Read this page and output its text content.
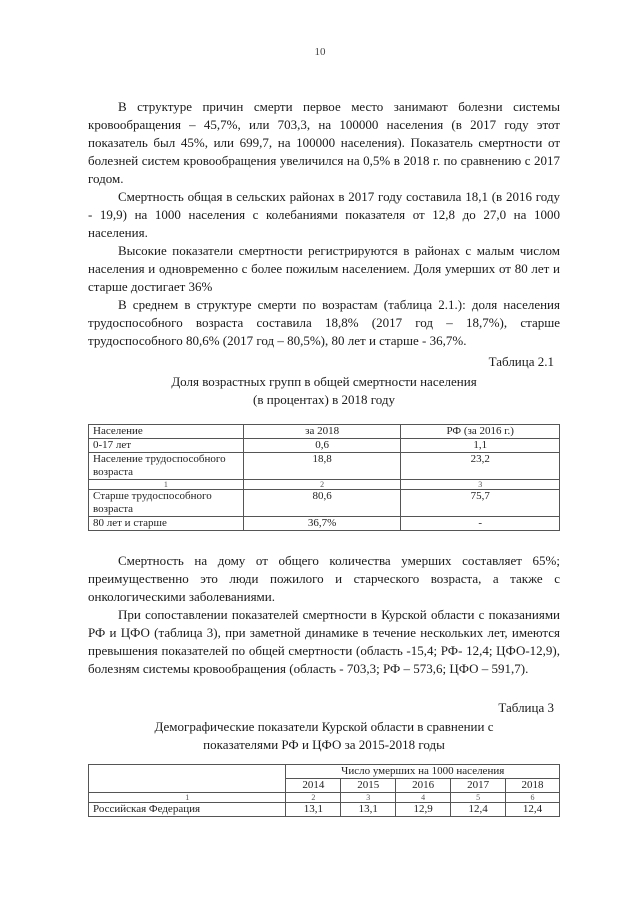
10

В структуре причин смерти первое место занимают болезни системы кровообращения – 45,7%, или 703,3, на 100000 населения (в 2017 году этот показатель был 45%, или 699,7, на 100000 населения). Показатель смертности от болезней систем кровообращения увеличился на 0,5% в 2018 г. по сравнению с 2017 годом.

Смертность общая в сельских районах в 2017 году составила 18,1 (в 2016 году - 19,9) на 1000 населения с колебаниями показателя от 12,8 до 27,0 на 1000 населения.

Высокие показатели смертности регистрируются в районах с малым числом населения и одновременно с более пожилым населением. Доля умерших от 80 лет и старше достигает 36%

В среднем в структуре смерти по возрастам (таблица 2.1.): доля населения трудоспособного возраста составила 18,8% (2017 год – 18,7%), старше трудоспособного 80,6% (2017 год – 80,5%), 80 лет и старше - 36,7%.

Таблица 2.1
Доля возрастных групп в общей смертности населения
(в процентах) в 2018 году
Население	за 2018	РФ (за 2016 г.)
0-17 лет	0,6	1,1
Население трудоспособного возраста	18,8	23,2
1	2	3
Старше трудоспособного возраста	80,6	75,7
80 лет и старше	36,7%	-

Смертность на дому от общего количества умерших составляет 65%; преимущественно это люди пожилого и старческого возраста, а также с онкологическими заболеваниями.

При сопоставлении показателей смертности в Курской области с показаниями РФ и ЦФО (таблица 3), при заметной динамике в течение нескольких лет, имеются превышения показателей по общей смертности (область -15,4; РФ- 12,4; ЦФО-12,9), болезням системы кровообращения (область - 703,3; РФ – 573,6; ЦФО – 591,7).

Таблица 3
Демографические показатели Курской области в сравнении с
показателями РФ и ЦФО за 2015-2018 годы
	Число умерших на 1000 населения				
	2014	2015	2016	2017	2018
1	2	3	4	5	6
Российская Федерация	13,1	13,1	12,9	12,4	12,4
